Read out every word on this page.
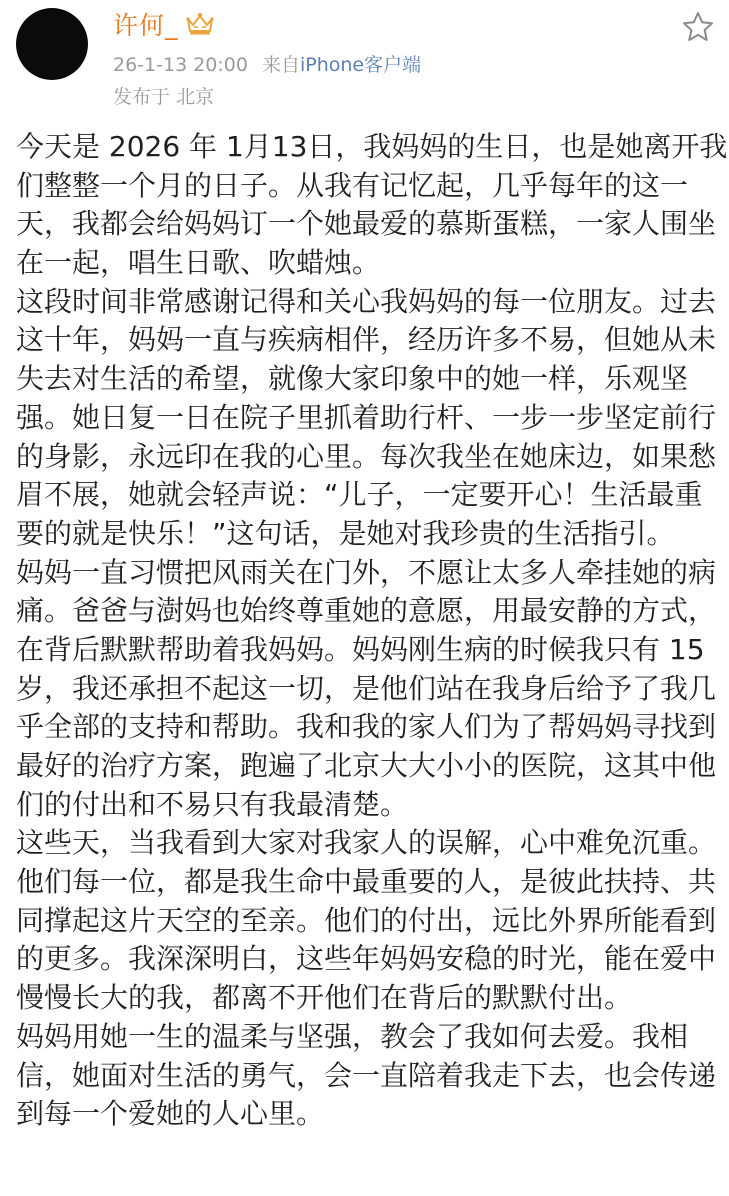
许何_
26-1-13 20:00 来自iPhone客户端
发布于 北京
今天是 2026 年 1月13日，我妈妈的生日，也是她离开我
们整整一个月的日子。从我有记忆起，几乎每年的这一
天，我都会给妈妈订一个她最爱的慕斯蛋糕，一家人围坐
在一起，唱生日歌、吹蜡烛。
这段时间非常感谢记得和关心我妈妈的每一位朋友。过去
这十年，妈妈一直与疾病相伴，经历许多不易，但她从未
失去对生活的希望，就像大家印象中的她一样，乐观坚
强。她日复一日在院子里抓着助行杆、一步一步坚定前行
的身影，永远印在我的心里。每次我坐在她床边，如果愁
眉不展，她就会轻声说：“儿子，一定要开心！生活最重
要的就是快乐！”这句话，是她对我珍贵的生活指引。
妈妈一直习惯把风雨关在门外，不愿让太多人牵挂她的病
痛。爸爸与澍妈也始终尊重她的意愿，用最安静的方式，
在背后默默帮助着我妈妈。妈妈刚生病的时候我只有 15
岁，我还承担不起这一切，是他们站在我身后给予了我几
乎全部的支持和帮助。我和我的家人们为了帮妈妈寻找到
最好的治疗方案，跑遍了北京大大小小的医院，这其中他
们的付出和不易只有我最清楚。
这些天，当我看到大家对我家人的误解，心中难免沉重。
他们每一位，都是我生命中最重要的人，是彼此扶持、共
同撑起这片天空的至亲。他们的付出，远比外界所能看到
的更多。我深深明白，这些年妈妈安稳的时光，能在爱中
慢慢长大的我，都离不开他们在背后的默默付出。
妈妈用她一生的温柔与坚强，教会了我如何去爱。我相
信，她面对生活的勇气，会一直陪着我走下去，也会传递
到每一个爱她的人心里。
